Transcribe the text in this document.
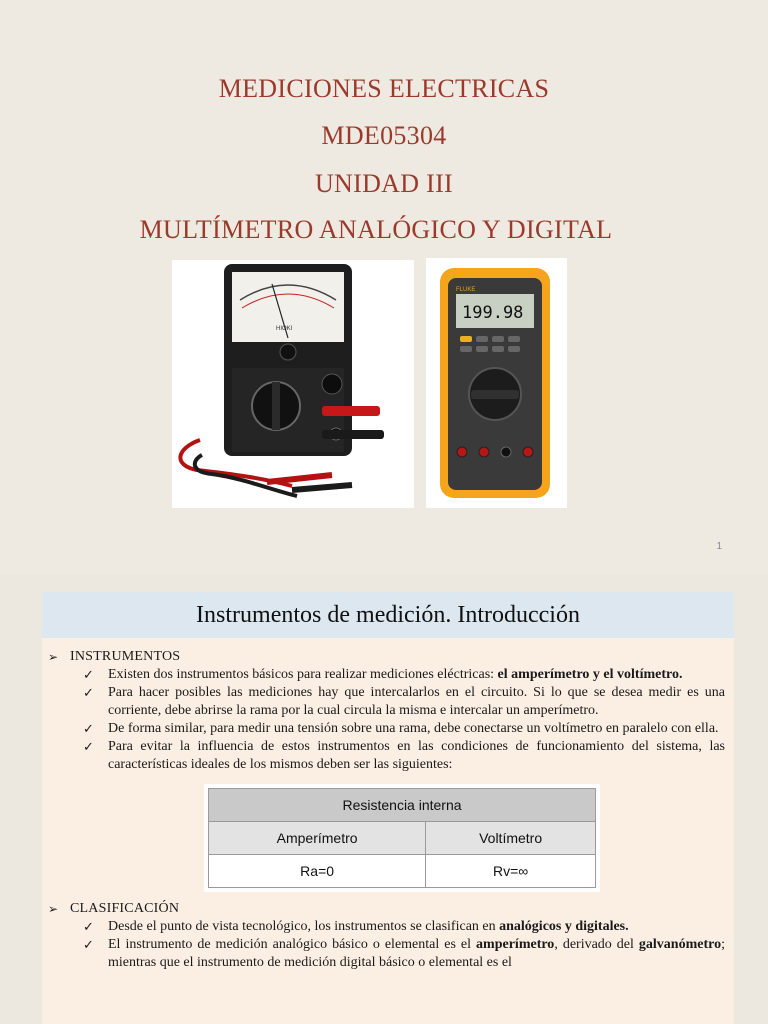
MEDICIONES ELECTRICAS
MDE05304
UNIDAD III
MULTÍMETRO ANALÓGICO Y DIGITAL
HIOKI
FLUKE
199.98
1
Instrumentos de medición. Introducción
➢ INSTRUMENTOS
✓ Existen dos instrumentos básicos para realizar mediciones eléctricas: el amperímetro y el voltímetro.
✓ Para hacer posibles las mediciones hay que intercalarlos en el circuito. Si lo que se desea medir es una corriente, debe abrirse la rama por la cual circula la misma e intercalar un amperímetro.
✓ De forma similar, para medir una tensión sobre una rama, debe conectarse un voltímetro en paralelo con ella.
✓ Para evitar la influencia de estos instrumentos en las condiciones de funcionamiento del sistema, las características ideales de los mismos deben ser las siguientes:
Resistencia interna	
Amperímetro	Voltímetro
Ra=0	Rv=∞
➢ CLASIFICACIÓN
✓ Desde el punto de vista tecnológico, los instrumentos se clasifican en analógicos y digitales.
✓ El instrumento de medición analógico básico o elemental es el amperímetro, derivado del galvanómetro; mientras que el instrumento de medición digital básico o elemental es el
